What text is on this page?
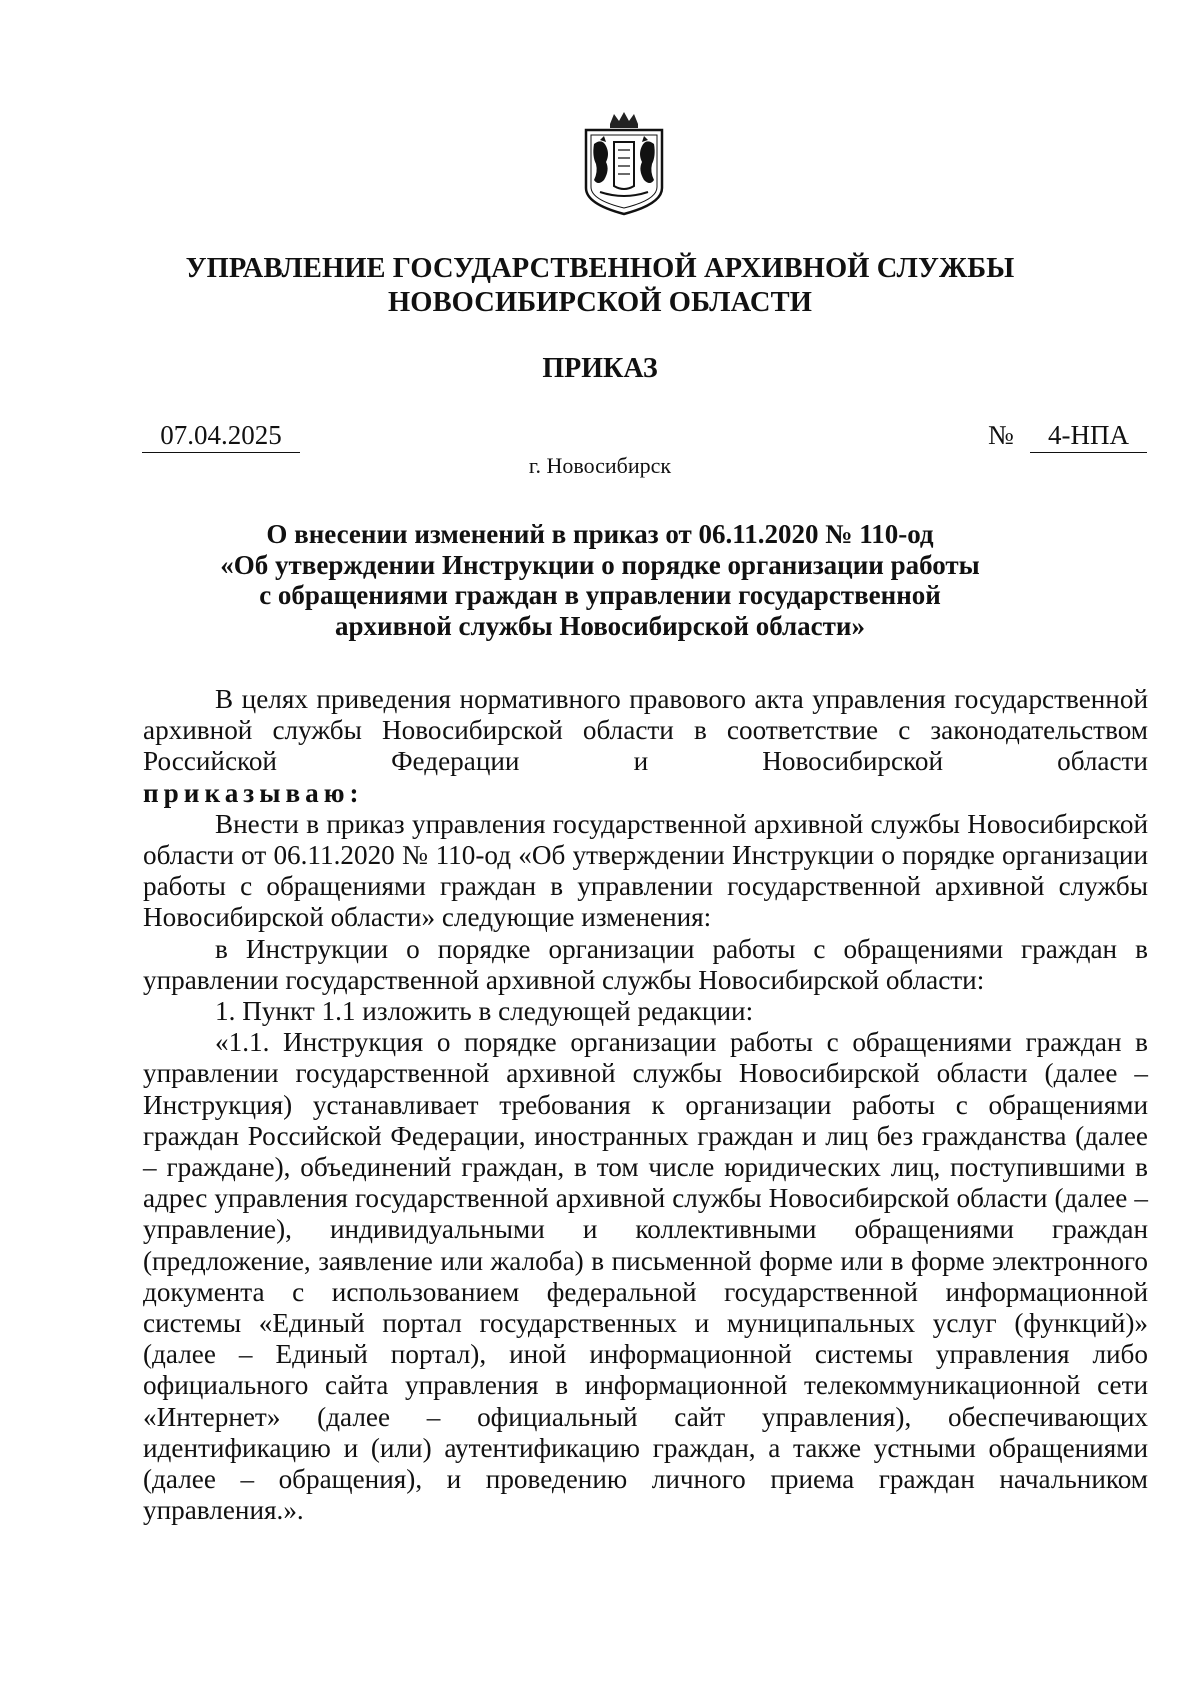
УПРАВЛЕНИЕ ГОСУДАРСТВЕННОЙ АРХИВНОЙ СЛУЖБЫ
НОВОСИБИРСКОЙ ОБЛАСТИ
ПРИКАЗ
07.04.2025	№	4-НПА
г. Новосибирск
О внесении изменений в приказ от 06.11.2020 № 110-од
«Об утверждении Инструкции о порядке организации работы
с обращениями граждан в управлении государственной
архивной службы Новосибирской области»

В целях приведения нормативного правового акта управления государственной архивной службы Новосибирской области в соответствие с законодательством Российской Федерации и Новосибирской области

приказываю:

Внести в приказ управления государственной архивной службы Новосибирской области от 06.11.2020 № 110-од «Об утверждении Инструкции о порядке организации работы с обращениями граждан в управлении государственной архивной службы Новосибирской области» следующие изменения:

в Инструкции о порядке организации работы с обращениями граждан в управлении государственной архивной службы Новосибирской области:

1. Пункт 1.1 изложить в следующей редакции:

«1.1. Инструкция о порядке организации работы с обращениями граждан в управлении государственной архивной службы Новосибирской области (далее – Инструкция) устанавливает требования к организации работы с обращениями граждан Российской Федерации, иностранных граждан и лиц без гражданства (далее – граждане), объединений граждан, в том числе юридических лиц, поступившими в адрес управления государственной архивной службы Новосибирской области (далее – управление), индивидуальными и коллективными обращениями граждан (предложение, заявление или жалоба) в письменной форме или в форме электронного документа с использованием федеральной государственной информационной системы «Единый портал государственных и муниципальных услуг (функций)» (далее – Единый портал), иной информационной системы управления либо официального сайта управления в информационной телекоммуникационной сети «Интернет» (далее – официальный сайт управления), обеспечивающих идентификацию и (или) аутентификацию граждан, а также устными обращениями (далее – обращения), и проведению личного приема граждан начальником управления.».
